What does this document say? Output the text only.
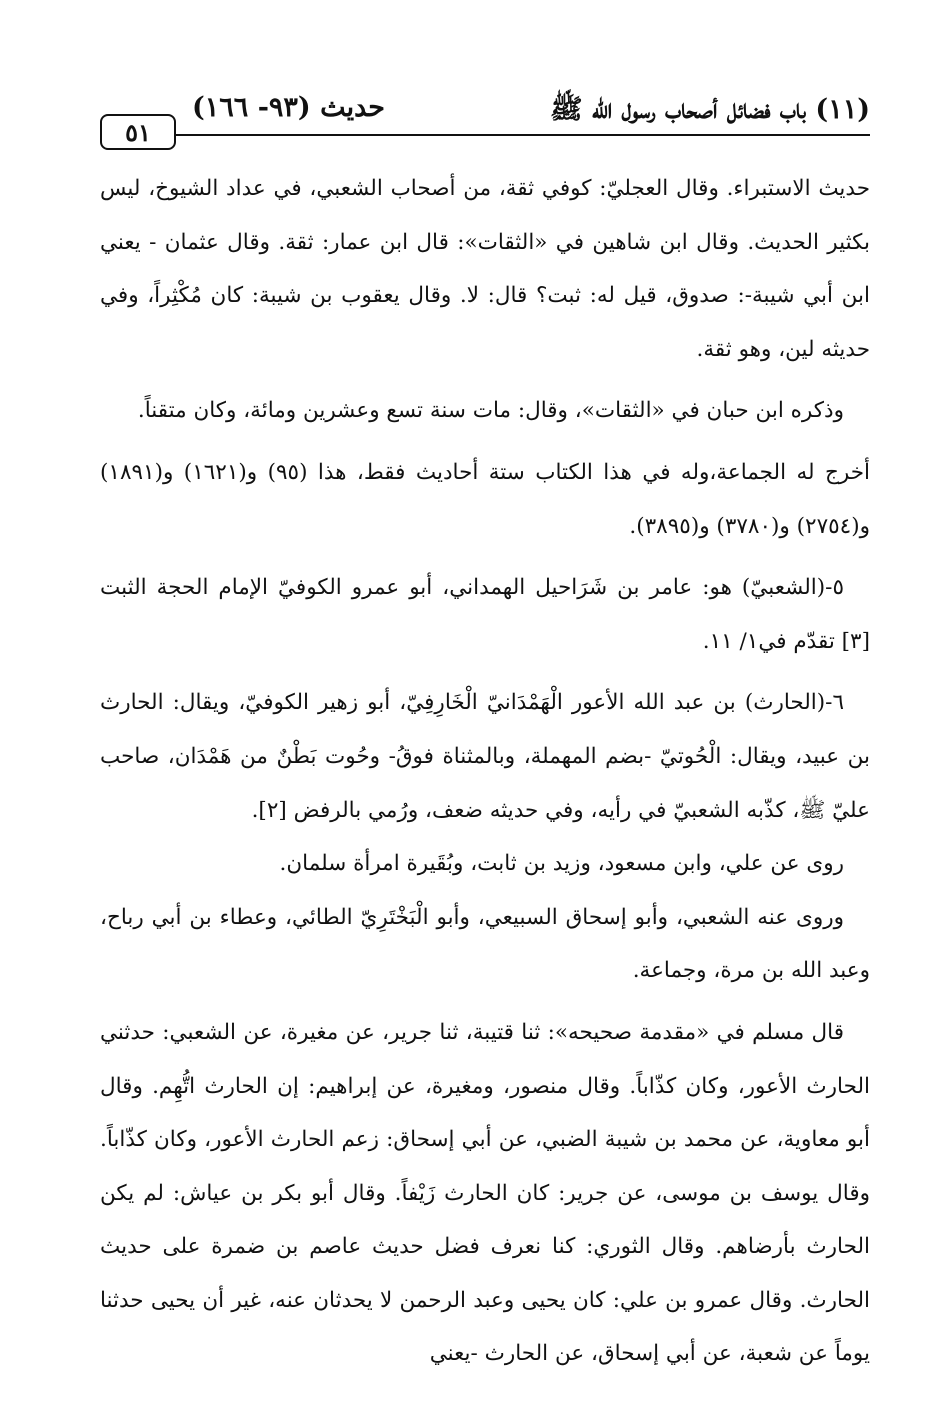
(١١) باب فضائل أصحاب رسول الله ﷺ
حديث (٩٣- ١٦٦)
٥١

حديث الاستبراء. وقال العجليّ: كوفي ثقة، من أصحاب الشعبي، في عداد الشيوخ، ليس بكثير الحديث. وقال ابن شاهين في «الثقات»: قال ابن عمار: ثقة. وقال عثمان - يعني ابن أبي شيبة-: صدوق، قيل له: ثبت؟ قال: لا. وقال يعقوب بن شيبة: كان مُكْثِراً، وفي حديثه لين، وهو ثقة.

وذكره ابن حبان في «الثقات»، وقال: مات سنة تسع وعشرين ومائة، وكان متقناً.

أخرج له الجماعة،وله في هذا الكتاب ستة أحاديث فقط، هذا (٩٥) و(١٦٢١) و(١٨٩١) و(٢٧٥٤) و(٣٧٨٠) و(٣٨٩٥).

٥-(الشعبيّ) هو: عامر بن شَرَاحيل الهمداني، أبو عمرو الكوفيّ الإمام الحجة الثبت [٣] تقدّم في١/ ١١.

٦-(الحارث) بن عبد الله الأعور الْهَمْدَانيّ الْخَارِفِيّ، أبو زهير الكوفيّ، ويقال: الحارث بن عبيد، ويقال: الْحُوتيّ -بضم المهملة، وبالمثناة فوقُ- وحُوت بَطْنٌ من هَمْدَان، صاحب عليّ ﷺ، كذّبه الشعبيّ في رأيه، وفي حديثه ضعف، ورُمي بالرفض [٢].

روى عن علي، وابن مسعود، وزيد بن ثابت، وبُقَيرة امرأة سلمان.

وروى عنه الشعبي، وأبو إسحاق السبيعي، وأبو الْبَخْتَرِيّ الطائي، وعطاء بن أبي رباح، وعبد الله بن مرة، وجماعة.

قال مسلم في «مقدمة صحيحه»: ثنا قتيبة، ثنا جرير، عن مغيرة، عن الشعبي: حدثني الحارث الأعور، وكان كذّاباً. وقال منصور، ومغيرة، عن إبراهيم: إن الحارث اتُّهِم. وقال أبو معاوية، عن محمد بن شيبة الضبي، عن أبي إسحاق: زعم الحارث الأعور، وكان كذّاباً. وقال يوسف بن موسى، عن جرير: كان الحارث زَيْفاً. وقال أبو بكر بن عياش: لم يكن الحارث بأرضاهم. وقال الثوري: كنا نعرف فضل حديث عاصم بن ضمرة على حديث الحارث. وقال عمرو بن علي: كان يحيى وعبد الرحمن لا يحدثان عنه، غير أن يحيى حدثنا يوماً عن شعبة، عن أبي إسحاق، عن الحارث -يعني
